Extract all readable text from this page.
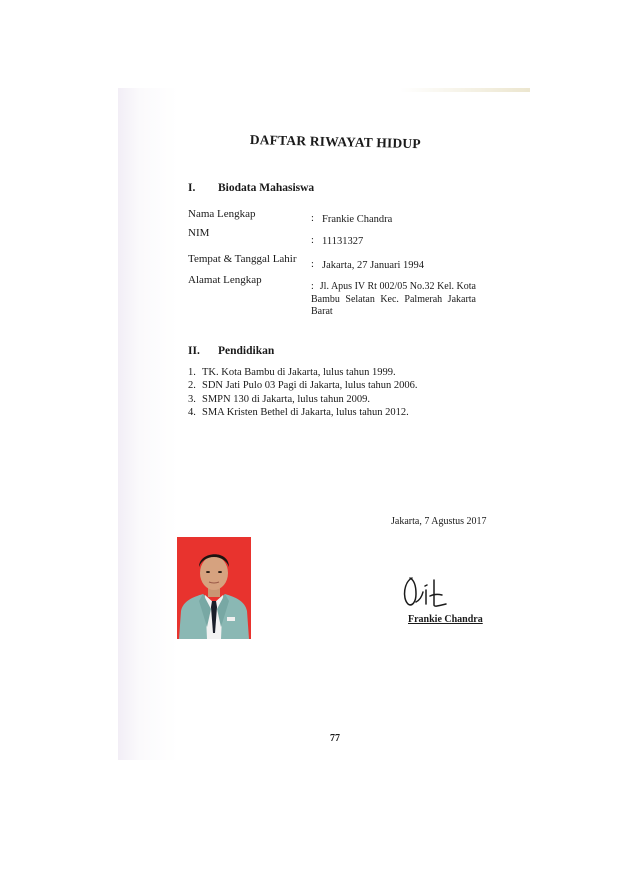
DAFTAR RIWAYAT HIDUP
I. Biodata Mahasiswa
Nama Lengkap	: Frankie Chandra
NIM
: 11131327
Tempat & Tanggal Lahir : Jakarta, 27 Januari 1994
Alamat Lengkap
: Jl. Apus IV Rt 002/05 No.32 Kel. Kota Bambu Selatan Kec. Palmerah Jakarta Barat
II. Pendidikan
1. TK. Kota Bambu di Jakarta, lulus tahun 1999.
2. SDN Jati Pulo 03 Pagi di Jakarta, lulus tahun 2006.
3. SMPN 130 di Jakarta, lulus tahun 2009.
4. SMA Kristen Bethel di Jakarta, lulus tahun 2012.
Jakarta, 7 Agustus 2017
Frankie Chandra
77
